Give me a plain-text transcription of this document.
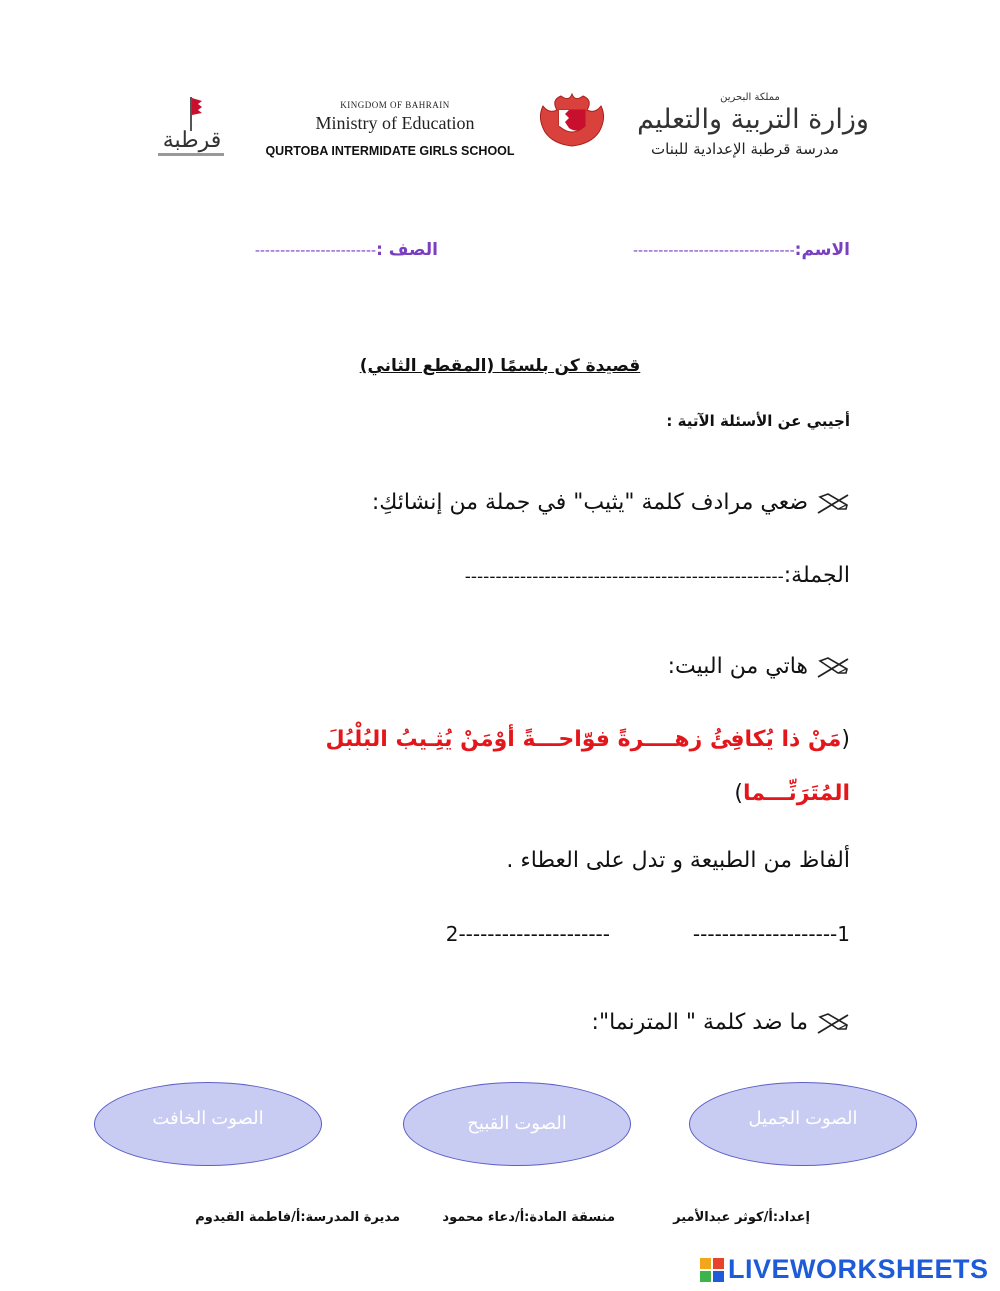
قرطبة
KINGDOM OF BAHRAIN
Ministry of Education
QURTOBA INTERMIDATE GIRLS SCHOOL
مملكة البحرين
وزارة التربية والتعليم
مدرسة قرطبة الإعدادية للبنات
الاسم:--------------------------------
الصف :------------------------
قصيدة كن بلسمًا (المقطع الثاني)
أجيبي عن الأسئلة الآتية :
ضعي مرادف كلمة "يثيب" في جملة من إنشائكِ:
الجملة:----------------------------------------------------
هاتي من البيت:
(مَنْ ذا يُكافِئُ زهــــرةً فوّاحـــةً أوْمَنْ يُثِـيبُ البُلْبُلَ
المُتَرَنِّـــما)
ألفاظ من الطبيعة و تدل على العطاء .
1--------------------
---------------------2
ما ضد كلمة " المترنما":
الصوت الجميل
الصوت القبيح
الصوت الخافت
إعداد:أ/كوثر عبدالأمير
منسقة المادة:أ/دعاء محمود
مديرة المدرسة:أ/فاطمة القيدوم
LIVEWORKSHEETS
